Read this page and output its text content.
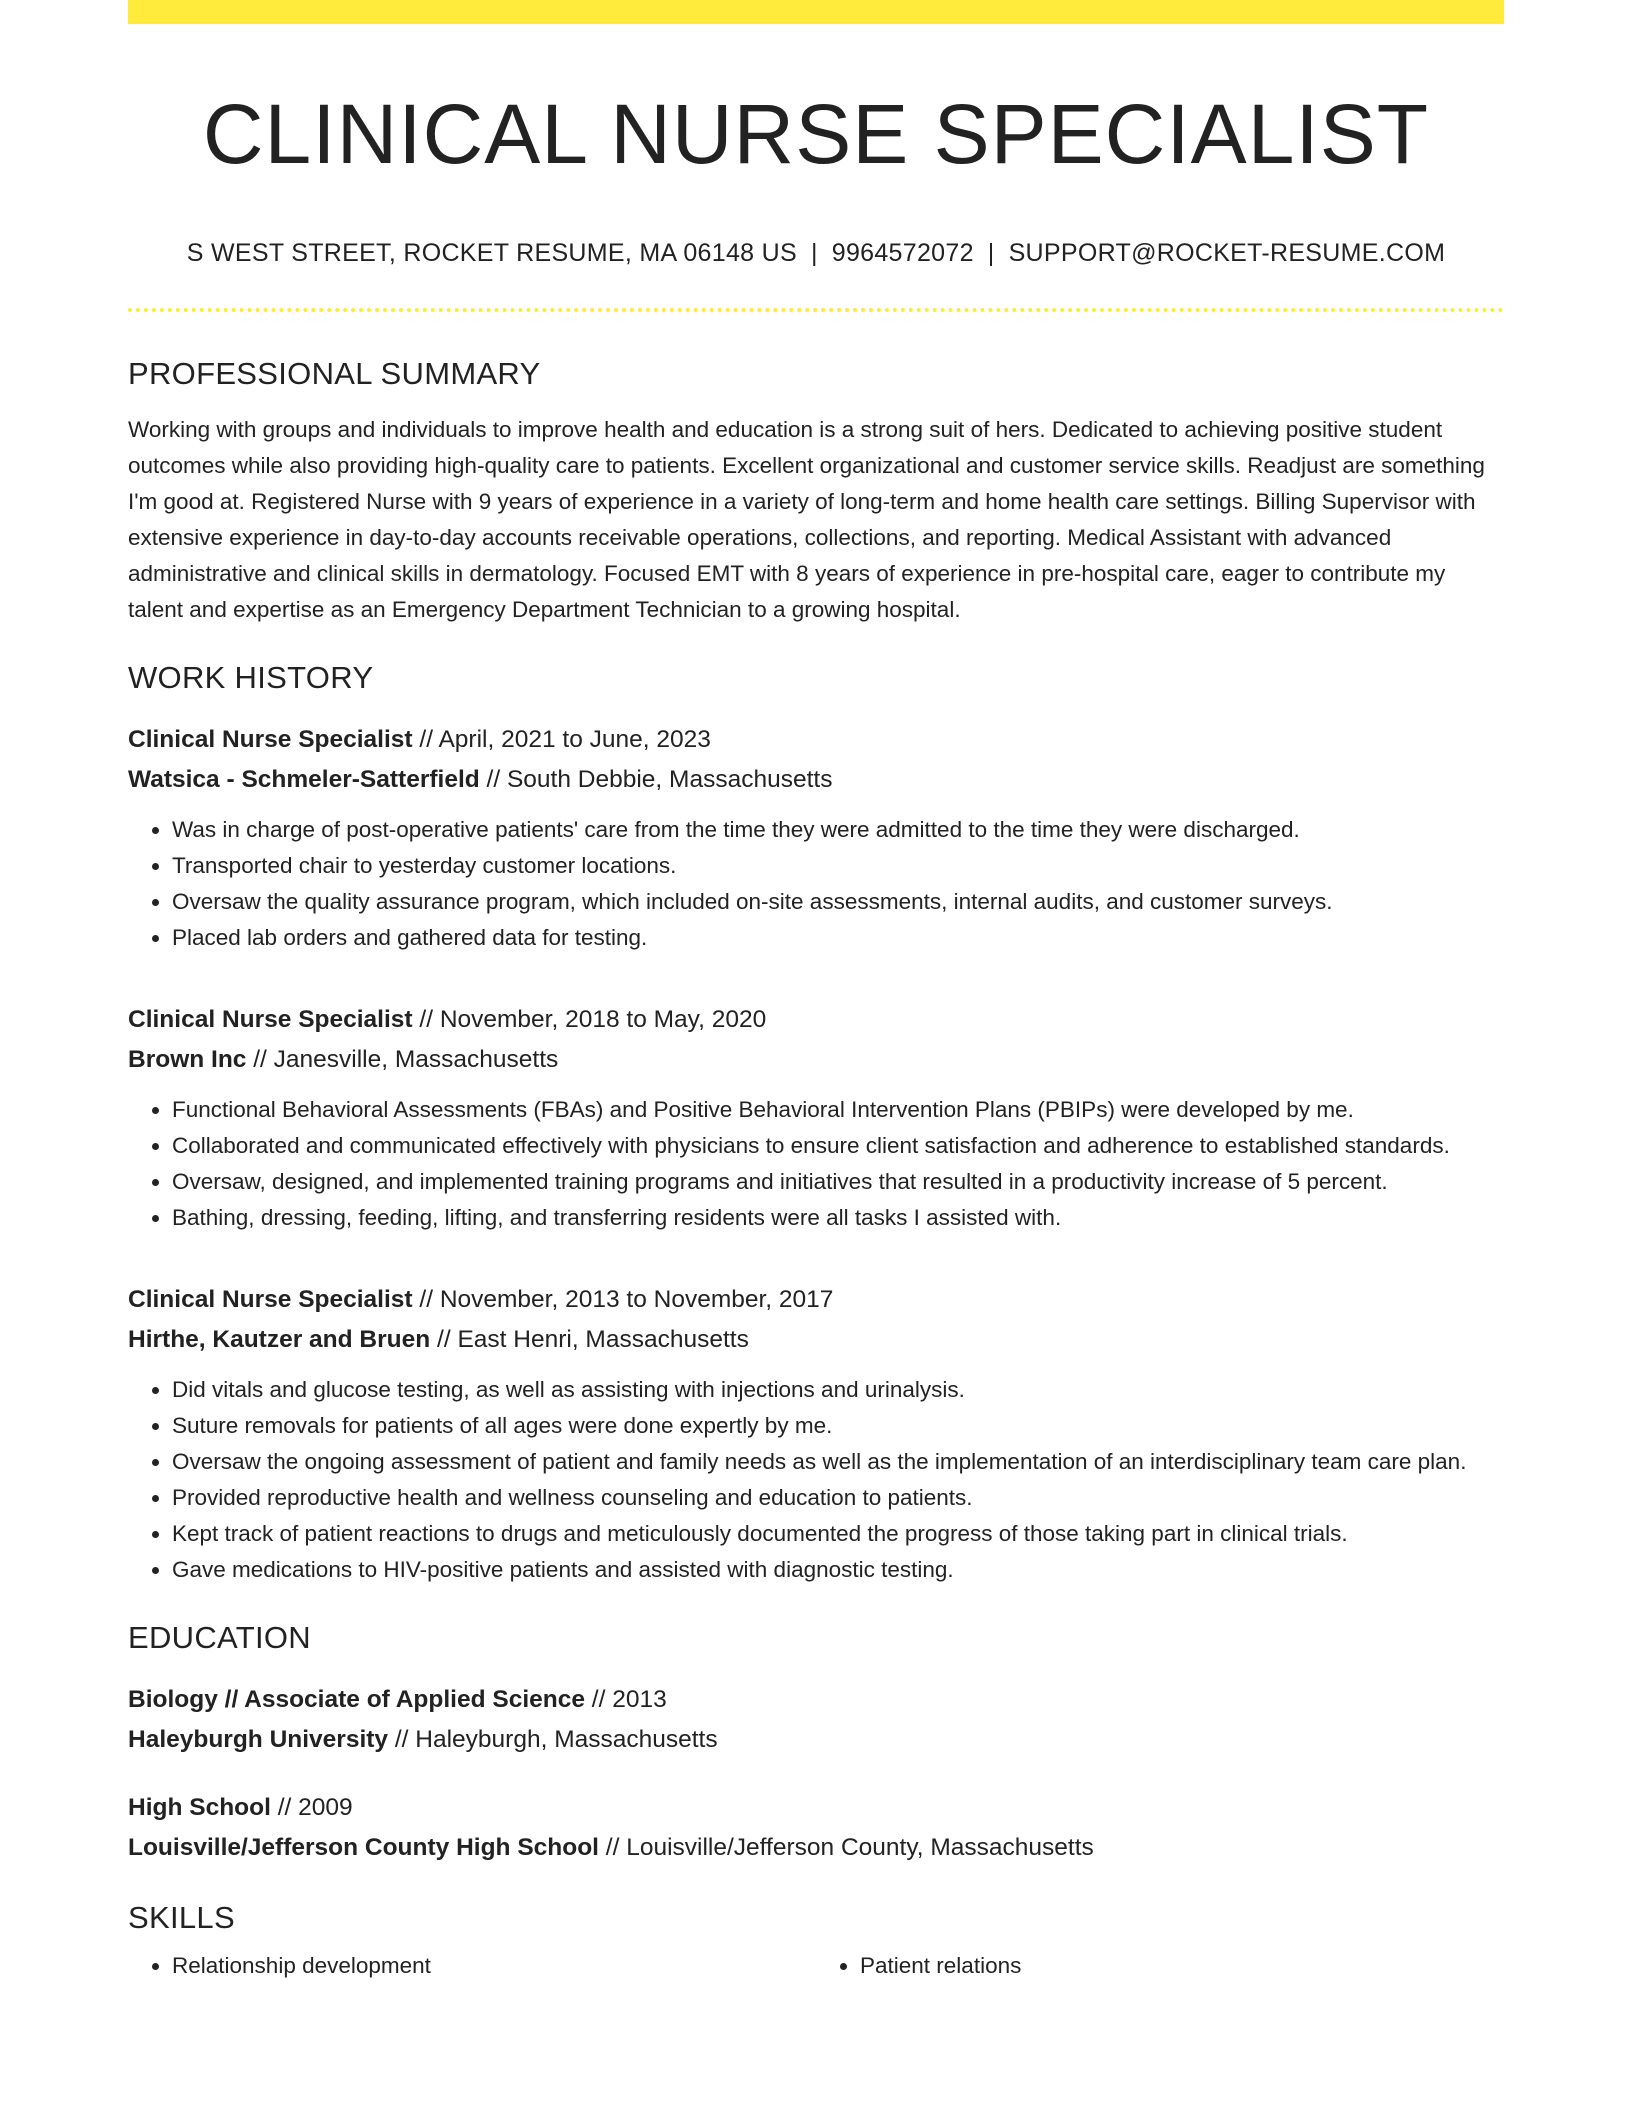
CLINICAL NURSE SPECIALIST
S WEST STREET, ROCKET RESUME, MA 06148 US | 9964572072 | SUPPORT@ROCKET-RESUME.COM
PROFESSIONAL SUMMARY
Working with groups and individuals to improve health and education is a strong suit of hers. Dedicated to achieving positive student outcomes while also providing high-quality care to patients. Excellent organizational and customer service skills. Readjust are something I'm good at. Registered Nurse with 9 years of experience in a variety of long-term and home health care settings. Billing Supervisor with extensive experience in day-to-day accounts receivable operations, collections, and reporting. Medical Assistant with advanced administrative and clinical skills in dermatology. Focused EMT with 8 years of experience in pre-hospital care, eager to contribute my talent and expertise as an Emergency Department Technician to a growing hospital.
WORK HISTORY
Clinical Nurse Specialist // April, 2021 to June, 2023
Watsica - Schmeler-Satterfield // South Debbie, Massachusetts
• Was in charge of post-operative patients' care from the time they were admitted to the time they were discharged.
• Transported chair to yesterday customer locations.
• Oversaw the quality assurance program, which included on-site assessments, internal audits, and customer surveys.
• Placed lab orders and gathered data for testing.
Clinical Nurse Specialist // November, 2018 to May, 2020
Brown Inc // Janesville, Massachusetts
• Functional Behavioral Assessments (FBAs) and Positive Behavioral Intervention Plans (PBIPs) were developed by me.
• Collaborated and communicated effectively with physicians to ensure client satisfaction and adherence to established standards.
• Oversaw, designed, and implemented training programs and initiatives that resulted in a productivity increase of 5 percent.
• Bathing, dressing, feeding, lifting, and transferring residents were all tasks I assisted with.
Clinical Nurse Specialist // November, 2013 to November, 2017
Hirthe, Kautzer and Bruen // East Henri, Massachusetts
• Did vitals and glucose testing, as well as assisting with injections and urinalysis.
• Suture removals for patients of all ages were done expertly by me.
• Oversaw the ongoing assessment of patient and family needs as well as the implementation of an interdisciplinary team care plan.
• Provided reproductive health and wellness counseling and education to patients.
• Kept track of patient reactions to drugs and meticulously documented the progress of those taking part in clinical trials.
• Gave medications to HIV-positive patients and assisted with diagnostic testing.
EDUCATION
Biology // Associate of Applied Science // 2013
Haleyburgh University // Haleyburgh, Massachusetts
High School // 2009
Louisville/Jefferson County High School // Louisville/Jefferson County, Massachusetts
SKILLS
• Relationship development
•	Patient relations
